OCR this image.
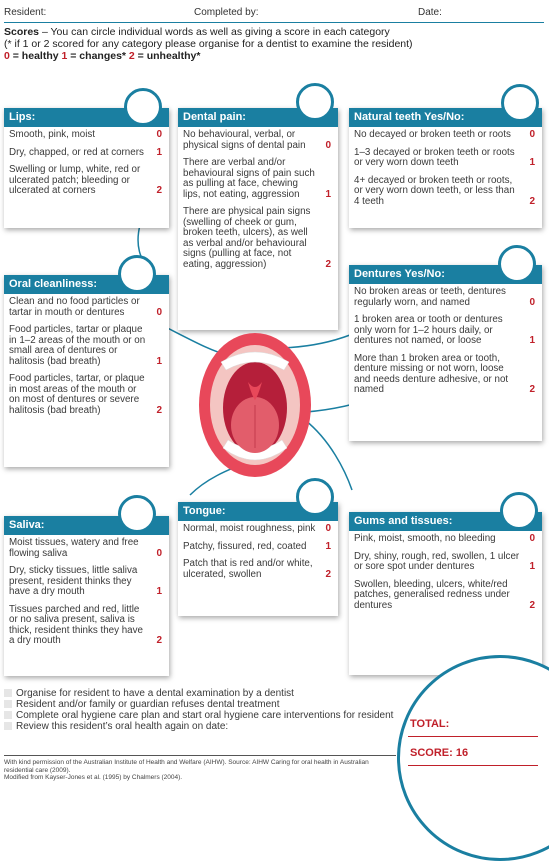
Resident:	Completed by:	Date:
Scores – You can circle individual words as well as giving a score in each category
(* if 1 or 2 scored for any category please organise for a dentist to examine the resident)
0 = healthy 1 = changes* 2 = unhealthy*
Lips:
Smooth, pink, moist	0
Dry, chapped, or red at corners 1
Swelling or lump, white, red or ulcerated patch; bleeding or ulcerated at corners	2
Dental pain:
No behavioural, verbal, or physical signs of dental pain 0
There are verbal and/or behavioural signs of pain such as pulling at face, chewing lips, not eating, aggression	1
There are physical pain signs (swelling of cheek or gum, broken teeth, ulcers), as well as verbal and/or behavioural signs (pulling at face, not eating, aggression)	2
Natural teeth Yes/No:
No decayed or broken teeth or roots 0
1–3 decayed or broken teeth or roots or very worn down teeth	1
4+ decayed or broken teeth or roots, or very worn down teeth, or less than 4 teeth	2
Oral cleanliness:
Clean and no food particles or tartar in mouth or dentures	0
Food particles, tartar or plaque in 1–2 areas of the mouth or on small area of dentures or halitosis (bad breath)	1
Food particles, tartar, or plaque in most areas of the mouth or on most of dentures or severe halitosis (bad breath)	2
Dentures Yes/No:
No broken areas or teeth, dentures regularly worn, and named	0
1 broken area or tooth or dentures only worn for 1–2 hours daily, or dentures not named, or loose	1
More than 1 broken area or tooth, denture missing or not worn, loose and needs denture adhesive, or not named	2
Saliva:
Moist tissues, watery and free flowing saliva	0
Dry, sticky tissues, little saliva present, resident thinks they have a dry mouth	1
Tissues parched and red, little or no saliva present, saliva is thick, resident thinks they have a dry mouth	2
Tongue:
Normal, moist roughness, pink 0
Patchy, fissured, red, coated 1
Patch that is red and/or white, ulcerated, swollen	2
Gums and tissues:
Pink, moist, smooth, no bleeding	0
Dry, shiny, rough, red, swollen, 1 ulcer or sore spot under dentures	1
Swollen, bleeding, ulcers, white/red patches, generalised redness under dentures	2
Organise for resident to have a dental examination by a dentist
Resident and/or family or guardian refuses dental treatment
Complete oral hygiene care plan and start oral hygiene care interventions for resident
Review this resident’s oral health again on date:
With kind permission of the Australian Institute of Health and Welfare (AIHW). Source: AIHW Caring for oral health in Australian residential care (2009).
Modified from Kayser-Jones et al. (1995) by Chalmers (2004).
TOTAL:
SCORE: 16
